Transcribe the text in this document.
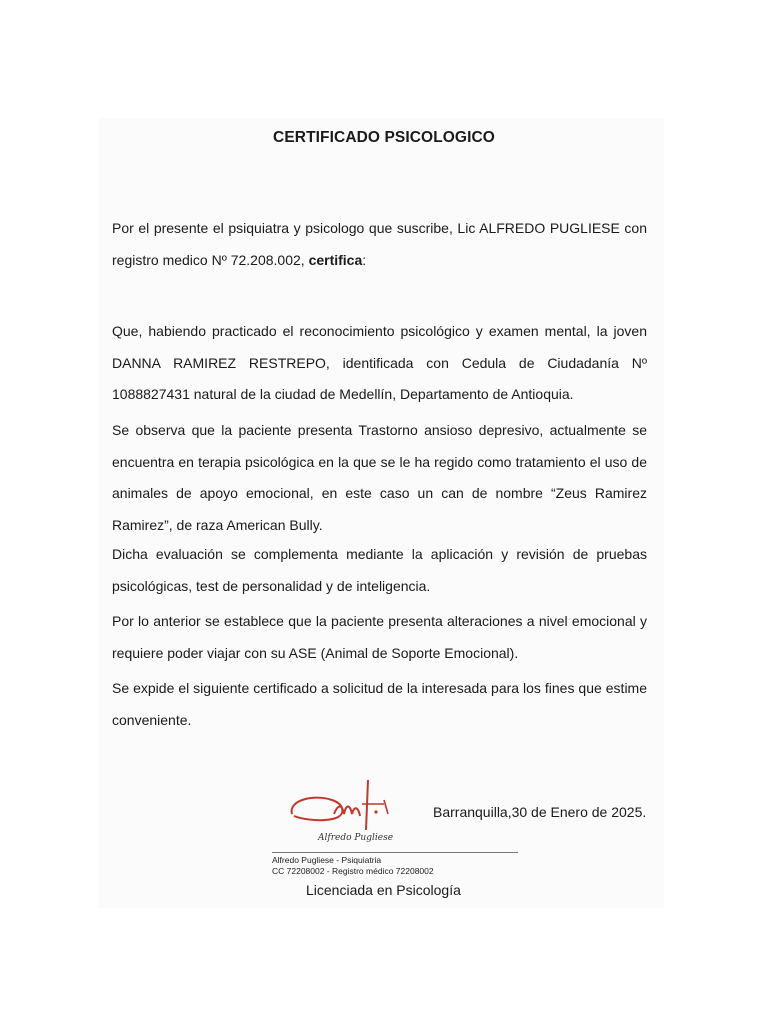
CERTIFICADO PSICOLOGICO
Por el presente el psiquiatra y psicologo que suscribe, Lic ALFREDO PUGLIESE con registro medico Nº 72.208.002, certifica:
Que, habiendo practicado el reconocimiento psicológico y examen mental, la joven DANNA RAMIREZ RESTREPO, identificada con Cedula de Ciudadanía Nº 1088827431 natural de la ciudad de Medellín, Departamento de Antioquia.
Se observa que la paciente presenta Trastorno ansioso depresivo, actualmente se encuentra en terapia psicológica en la que se le ha regido como tratamiento el uso de animales de apoyo emocional, en este caso un can de nombre “Zeus Ramirez Ramirez”, de raza American Bully.
Dicha evaluación se complementa mediante la aplicación y revisión de pruebas psicológicas, test de personalidad y de inteligencia.
Por lo anterior se establece que la paciente presenta alteraciones a nivel emocional y requiere poder viajar con su ASE (Animal de Soporte Emocional).
Se expide el siguiente certificado a solicitud de la interesada para los fines que estime conveniente.
Alfredo Pugliese
Barranquilla,30 de Enero de 2025.
Alfredo Pugliese - Psiquiatria
CC 72208002 - Registro médico 72208002
Licenciada en Psicología
